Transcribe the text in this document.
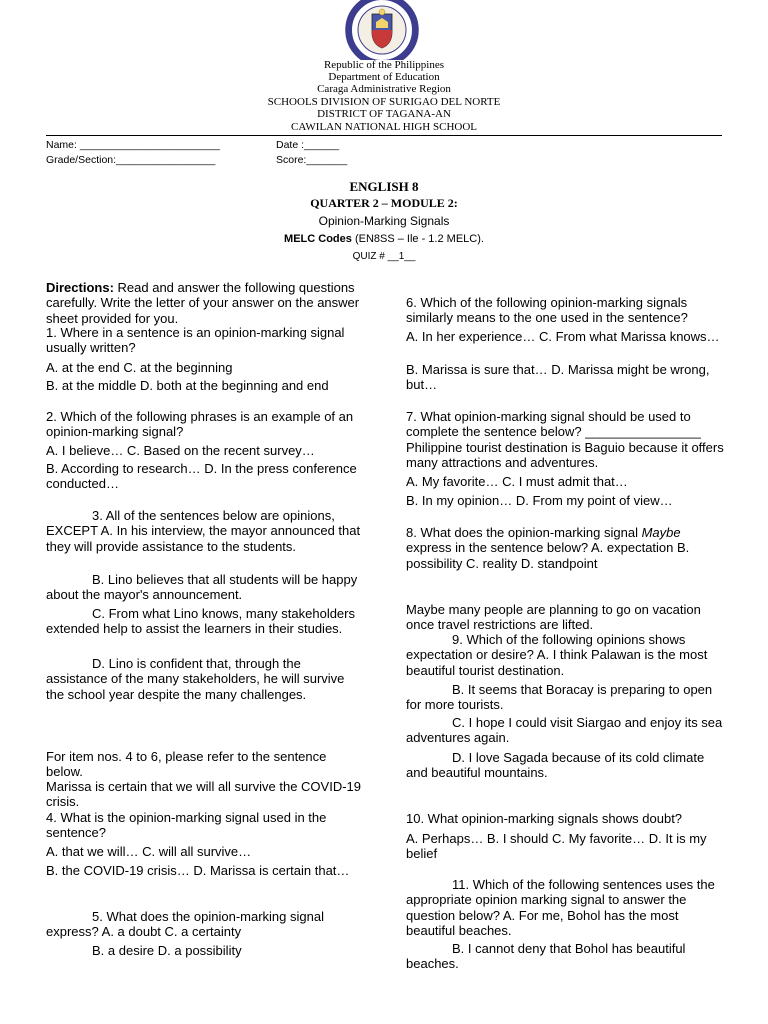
Republic of the Philippines
Department of Education
Caraga Administrative Region
SCHOOLS DIVISION OF SURIGAO DEL NORTE
DISTRICT OF TAGANA-AN
CAWILAN NATIONAL HIGH SCHOOL
Name: ________________________	Date :______
Grade/Section:_________________	Score:_______
ENGLISH 8
QUARTER 2 – MODULE 2:
Opinion-Marking Signals
MELC Codes (EN8SS – Ile - 1.2 MELC).
QUIZ # __1__

Directions: Read and answer the following questions carefully. Write the letter of your answer on the answer sheet provided for you.

1. Where in a sentence is an opinion-marking signal usually written?

A. at the end C. at the beginning

B. at the middle D. both at the beginning and end

2. Which of the following phrases is an example of an opinion-marking signal?

A. I believe… C. Based on the recent survey…

B. According to research… D. In the press conference conducted…

3. All of the sentences below are opinions, EXCEPT A. In his interview, the mayor announced that they will provide assistance to the students.

B. Lino believes that all students will be happy about the mayor's announcement.

C. From what Lino knows, many stakeholders extended help to assist the learners in their studies.

D. Lino is confident that, through the assistance of the many stakeholders, he will survive the school year despite the many challenges.

For item nos. 4 to 6, please refer to the sentence below.

Marissa is certain that we will all survive the COVID-19 crisis.

4. What is the opinion-marking signal used in the sentence?

A. that we will… C. will all survive…

B. the COVID-19 crisis… D. Marissa is certain that…

5. What does the opinion-marking signal express? A. a doubt C. a certainty

B. a desire D. a possibility

6. Which of the following opinion-marking signals similarly means to the one used in the sentence?

A. In her experience… C. From what Marissa knows…

B. Marissa is sure that… D. Marissa might be wrong, but…

7. What opinion-marking signal should be used to complete the sentence below? ________________

Philippine tourist destination is Baguio because it offers many attractions and adventures.

A. My favorite… C. I must admit that…

B. In my opinion… D. From my point of view…

8. What does the opinion-marking signal Maybe express in the sentence below? A. expectation B. possibility C. reality D. standpoint

Maybe many people are planning to go on vacation once travel restrictions are lifted.

9. Which of the following opinions shows expectation or desire? A. I think Palawan is the most beautiful tourist destination.

B. It seems that Boracay is preparing to open for more tourists.

C. I hope I could visit Siargao and enjoy its sea adventures again.

D. I love Sagada because of its cold climate and beautiful mountains.

10. What opinion-marking signals shows doubt?

A. Perhaps… B. I should C. My favorite… D. It is my belief

11. Which of the following sentences uses the appropriate opinion marking signal to answer the question below? A. For me, Bohol has the most beautiful beaches.

B. I cannot deny that Bohol has beautiful beaches.
